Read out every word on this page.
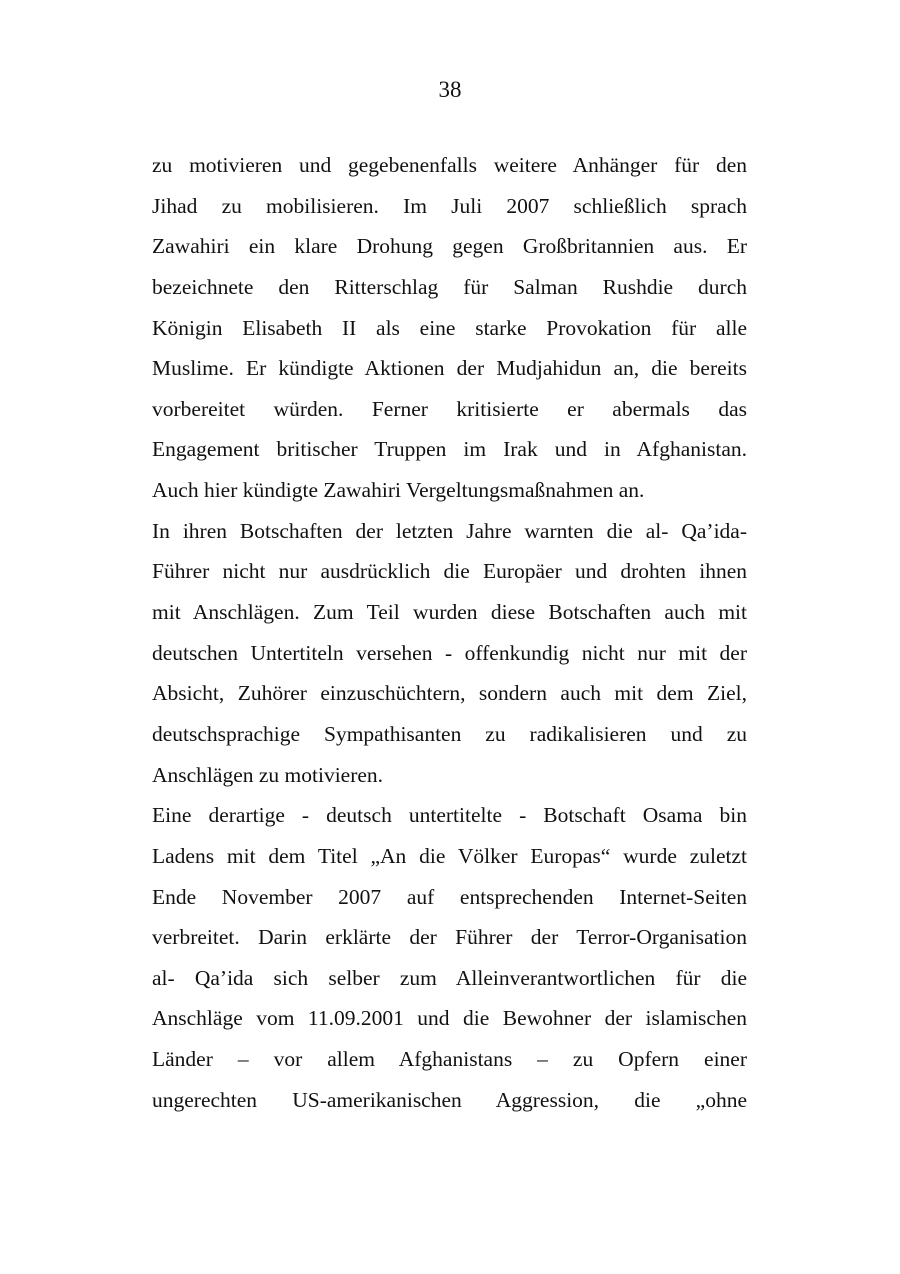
38
zu motivieren und gegebenenfalls weitere Anhänger für den
Jihad zu mobilisieren. Im Juli 2007 schließlich sprach
Zawahiri ein klare Drohung gegen Großbritannien aus. Er
bezeichnete den Ritterschlag für Salman Rushdie durch
Königin Elisabeth II als eine starke Provokation für alle
Muslime. Er kündigte Aktionen der Mudjahidun an, die bereits
vorbereitet würden. Ferner kritisierte er abermals das
Engagement britischer Truppen im Irak und in Afghanistan.
Auch hier kündigte Zawahiri Vergeltungsmaßnahmen an.
In ihren Botschaften der letzten Jahre warnten die al- Qa’ida-
Führer nicht nur ausdrücklich die Europäer und drohten ihnen
mit Anschlägen. Zum Teil wurden diese Botschaften auch mit
deutschen Untertiteln versehen - offenkundig nicht nur mit der
Absicht, Zuhörer einzuschüchtern, sondern auch mit dem Ziel,
deutschsprachige Sympathisanten zu radikalisieren und zu
Anschlägen zu motivieren.
Eine derartige - deutsch untertitelte - Botschaft Osama bin
Ladens mit dem Titel „An die Völker Europas“ wurde zuletzt
Ende November 2007 auf entsprechenden Internet-Seiten
verbreitet. Darin erklärte der Führer der Terror-Organisation
al- Qa’ida sich selber zum Alleinverantwortlichen für die
Anschläge vom 11.09.2001 und die Bewohner der islamischen
Länder – vor allem Afghanistans – zu Opfern einer
ungerechten US-amerikanischen Aggression, die „ohne
